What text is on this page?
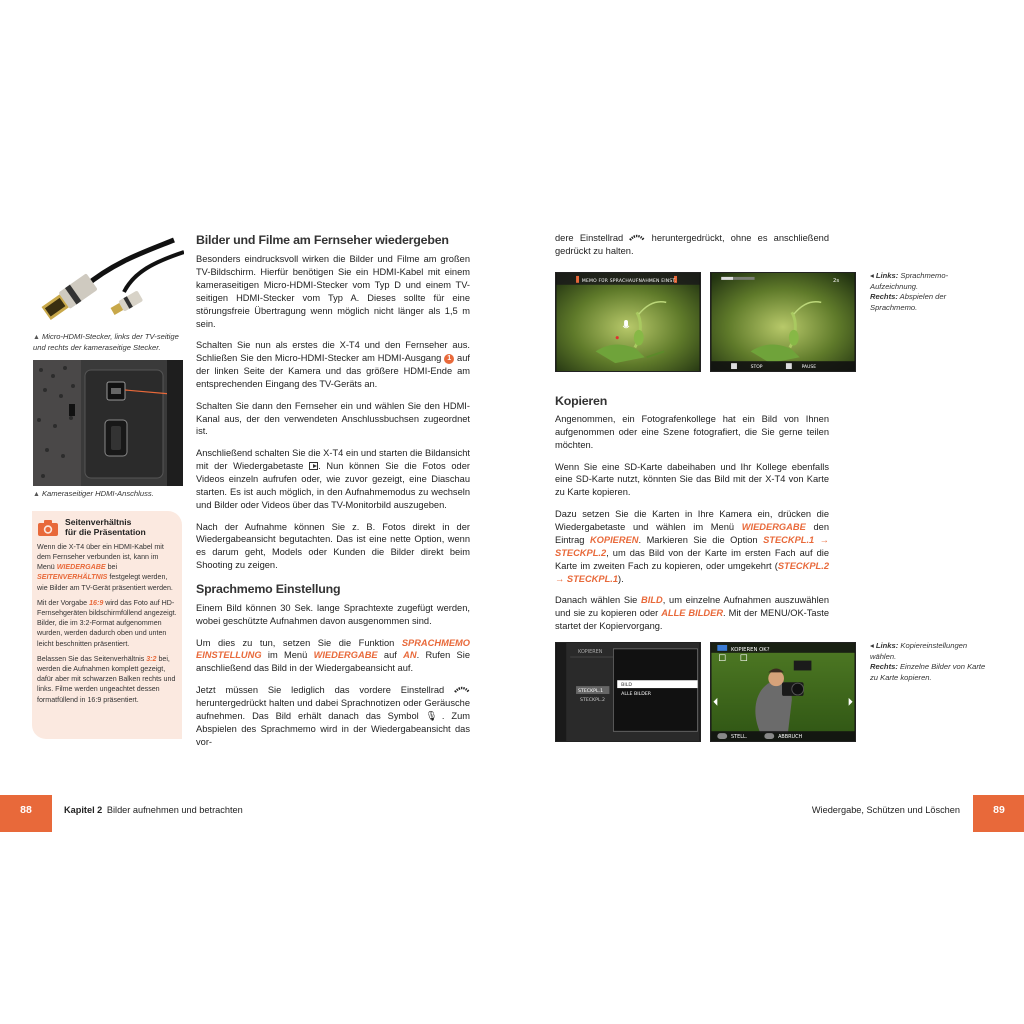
▲ Micro-HDMI-Stecker, links der TV-seitige und rechts der kameraseitige Stecker.
▲ Kameraseitiger HDMI-Anschluss.
Seitenverhältnis
für die Präsentation
Wenn die X-T4 über ein HDMI-Kabel mit dem Fernseher verbunden ist, kann im Menü WIEDERGABE bei SEITENVERHÄLTNIS festgelegt werden, wie Bilder am TV-Gerät präsentiert werden.
Mit der Vorgabe 16:9 wird das Foto auf HD-Fernsehgeräten bildschirmfüllend angezeigt. Bilder, die im 3:2-Format aufgenommen wurden, werden dadurch oben und unten leicht beschnitten präsentiert.
Belassen Sie das Seitenverhältnis 3:2 bei, werden die Aufnahmen komplett gezeigt, dafür aber mit schwarzen Balken rechts und links. Filme werden ungeachtet dessen formatfüllend in 16:9 präsentiert.
Bilder und Filme am Fernseher wiedergeben
Besonders eindrucksvoll wirken die Bilder und Filme am großen TV-Bildschirm. Hierfür benötigen Sie ein HDMI-Kabel mit einem kameraseitigen Micro-HDMI-Stecker vom Typ D und einem TV-seitigen HDMI-Stecker vom Typ A. Dieses sollte für eine störungsfreie Übertragung wenn möglich nicht länger als 1,5 m sein.
Schalten Sie nun als erstes die X-T4 und den Fernseher aus. Schließen Sie den Micro-HDMI-Stecker am HDMI-Ausgang 1 auf der linken Seite der Kamera und das größere HDMI-Ende am entsprechenden Eingang des TV-Geräts an.
Schalten Sie dann den Fernseher ein und wählen Sie den HDMI-Kanal aus, der den verwendeten Anschlussbuchsen zugeordnet ist.
Anschließend schalten Sie die X-T4 ein und starten die Bildansicht mit der Wiedergabetaste . Nun können Sie die Fotos oder Videos einzeln aufrufen oder, wie zuvor gezeigt, eine Diaschau starten. Es ist auch möglich, in den Aufnahmemodus zu wechseln und Bilder oder Videos über das TV-Monitorbild auszugeben.
Nach der Aufnahme können Sie z. B. Fotos direkt in der Wiedergabeansicht begutachten. Das ist eine nette Option, wenn es darum geht, Models oder Kunden die Bilder direkt beim Shooting zu zeigen.
Sprachmemo Einstellung
Einem Bild können 30 Sek. lange Sprachtexte zugefügt werden, wobei geschützte Aufnahmen davon ausgenommen sind.
Um dies zu tun, setzen Sie die Funktion SPRACHMEMO EINSTELLUNG im Menü WIEDERGABE auf AN. Rufen Sie anschließend das Bild in der Wiedergabeansicht auf.
Jetzt müssen Sie lediglich das vordere Einstellrad  heruntergedrückt halten und dabei Sprachnotizen oder Geräusche aufnehmen. Das Bild erhält danach das Symbol 🎙. Zum Abspielen des Sprachmemo wird in der Wiedergabeansicht das vor-
dere Einstellrad  heruntergedrückt, ohne es anschließend gedrückt zu halten.
MEMO FÜR SPRACHAUFNAHMEN EINST.	2s
STOP	PAUSE
◂ Links: Sprachmemo-Aufzeichnung.
Rechts: Abspielen der Sprachmemo.
Kopieren
Angenommen, ein Fotografenkollege hat ein Bild von Ihnen aufgenommen oder eine Szene fotografiert, die Sie gerne teilen möchten.
Wenn Sie eine SD-Karte dabeihaben und Ihr Kollege ebenfalls eine SD-Karte nutzt, könnten Sie das Bild mit der X-T4 von Karte zu Karte kopieren.
Dazu setzen Sie die Karten in Ihre Kamera ein, drücken die Wiedergabetaste und wählen im Menü WIEDERGABE den Eintrag KOPIEREN. Markieren Sie die Option STECKPL.1 → STECKPL.2, um das Bild von der Karte im ersten Fach auf die Karte im zweiten Fach zu kopieren, oder umgekehrt (STECKPL.2 → STECKPL.1).
Danach wählen Sie BILD, um einzelne Aufnahmen auszuwählen und sie zu kopieren oder ALLE BILDER. Mit der MENU/OK-Taste startet der Kopiervorgang.
KOPIEREN
STECKPL.1
STECKPL.2
BILD
ALLE BILDER
KOPIEREN OK?
STELL.	ABBRUCH
◂ Links: Kopiereinstellungen wählen.
Rechts: Einzelne Bilder von Karte zu Karte kopieren.
88	Kapitel 2 Bilder aufnehmen und betrachten	Wiedergabe, Schützen und Löschen	89
